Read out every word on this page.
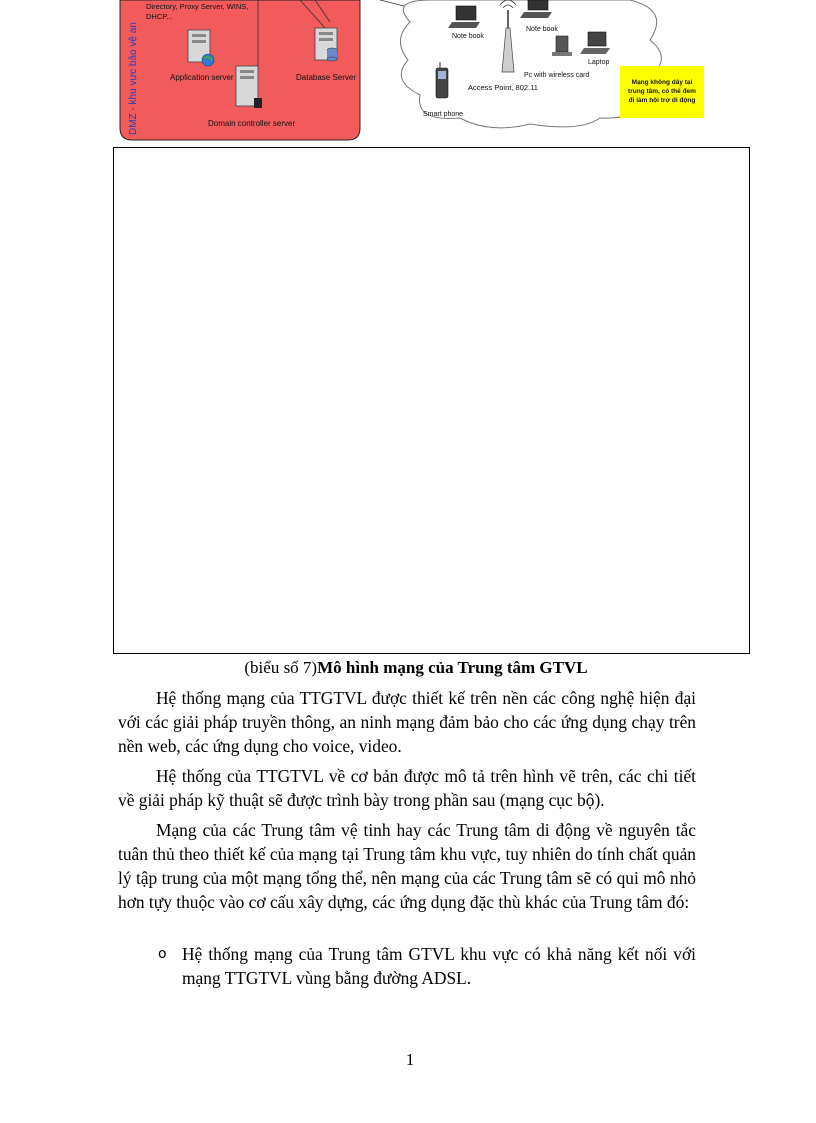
DMZ - khu vực bảo vệ an
Directory, Proxy Server, WINS,
DHCP...
Application server	Database Server
Domain controller server
Note book
Note book
Access Point, 802.11
Pc with wireless card
Laptop
Smart phone
Mạng không dây tại
trung tâm, có thể đem
đi làm hội trợ di động
(biểu số 7)Mô hình mạng của Trung tâm GTVL

Hệ thống mạng của TTGTVL được thiết kế trên nền các công nghệ hiện đại với các giải pháp truyền thông, an ninh mạng đảm bảo cho các ứng dụng chạy trên nền web, các ứng dụng cho voice, video.

Hệ thống của TTGTVL về cơ bản được mô tả trên hình vẽ trên, các chi tiết về giải pháp kỹ thuật sẽ được trình bày trong phần sau (mạng cục bộ).

Mạng của các Trung tâm vệ tinh hay các Trung tâm di động về nguyên tắc tuân thủ theo thiết kế của mạng tại Trung tâm khu vực, tuy nhiên do tính chất quản lý tập trung của một mạng tổng thể, nên mạng của các Trung tâm sẽ có qui mô nhỏ hơn tựy thuộc vào cơ cấu xây dựng, các ứng dụng đặc thù khác của Trung tâm đó:

o Hệ thống mạng của Trung tâm GTVL khu vực có khả năng kết nối với mạng TTGTVL vùng bằng đường ADSL.
1
